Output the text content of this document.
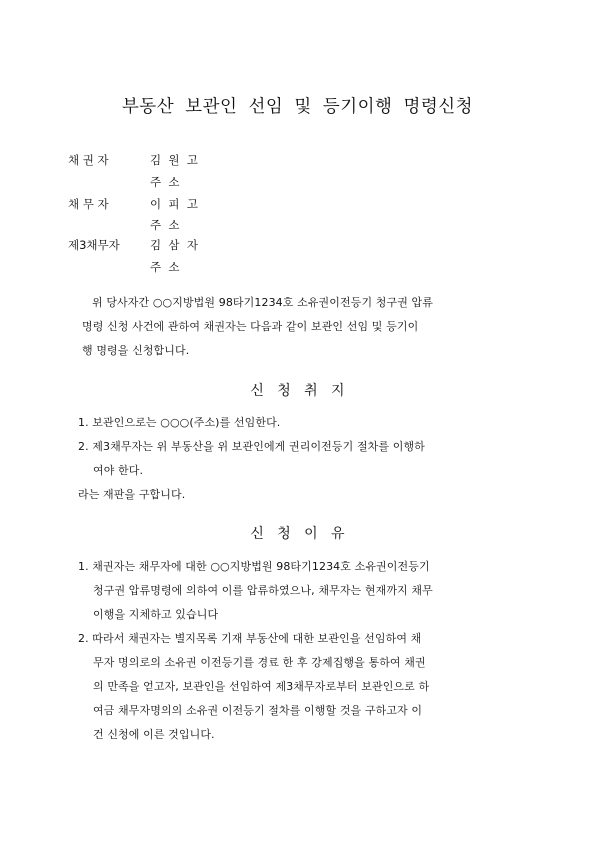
부동산 보관인 선임 및 등기이행 명령신청
채 권 자	김  원  고
주  소
채 무 자	이  피  고
주  소
제3채무자	김  삼  자
주  소
위 당사자간 ○○지방법원 98타기1234호 소유권이전등기 청구권 압류
명령 신청 사건에 관하여 채권자는 다음과 같이 보관인 선임 및 등기이
행 명령을 신청합니다.
신   청   취   지
1. 보관인으로는 ○○○(주소)를 선임한다.
2. 제3채무자는 위 부동산을 위 보관인에게 권리이전등기 절차를 이행하
여야 한다.
라는 재판을 구합니다.
신   청   이   유
1. 채권자는 채무자에 대한 ○○지방법원 98타기1234호 소유권이전등기
청구권 압류명령에 의하여 이를 압류하였으나, 채무자는 현재까지 채무
이행을 지체하고 있습니다
2. 따라서 채권자는 별지목록 기재 부동산에 대한 보관인을 선임하여 채
무자 명의로의 소유권 이전등기를 경료 한 후 강제집행을 통하여 채권
의 만족을 얻고자, 보관인을 선임하여 제3채무자로부터 보관인으로 하
여금 채무자명의의 소유권 이전등기 절차를 이행할 것을 구하고자 이
건 신청에 이른 것입니다.
